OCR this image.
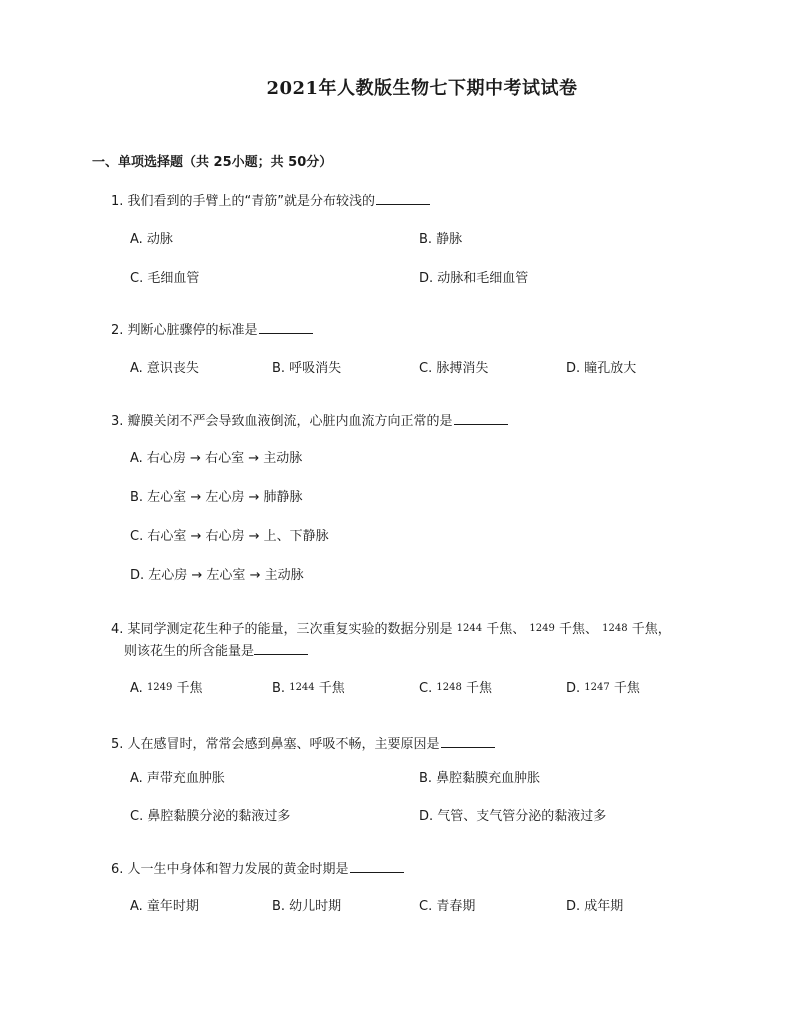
2021年人教版生物七下期中考试试卷
一、单项选择题（共 25小题；共 50分）
1. 我们看到的手臂上的“青筋”就是分布较浅的
A. 动脉	B. 静脉
C. 毛细血管	D. 动脉和毛细血管
2. 判断心脏骤停的标准是
A. 意识丧失	B. 呼吸消失	C. 脉搏消失	D. 瞳孔放大
3. 瓣膜关闭不严会导致血液倒流，心脏内血流方向正常的是
A. 右心房 → 右心室 → 主动脉
B. 左心室 → 左心房 → 肺静脉
C. 右心室 → 右心房 → 上、下静脉
D. 左心房 → 左心室 → 主动脉
4. 某同学测定花生种子的能量，三次重复实验的数据分别是 1244 千焦、 1249 千焦、 1248 千焦，
则该花生的所含能量是
A. 1249 千焦	B. 1244 千焦	C. 1248 千焦	D. 1247 千焦
5. 人在感冒时，常常会感到鼻塞、呼吸不畅，主要原因是
A. 声带充血肿胀	B. 鼻腔黏膜充血肿胀
C. 鼻腔黏膜分泌的黏液过多	D. 气管、支气管分泌的黏液过多
6. 人一生中身体和智力发展的黄金时期是
A. 童年时期	B. 幼儿时期	C. 青春期	D. 成年期
